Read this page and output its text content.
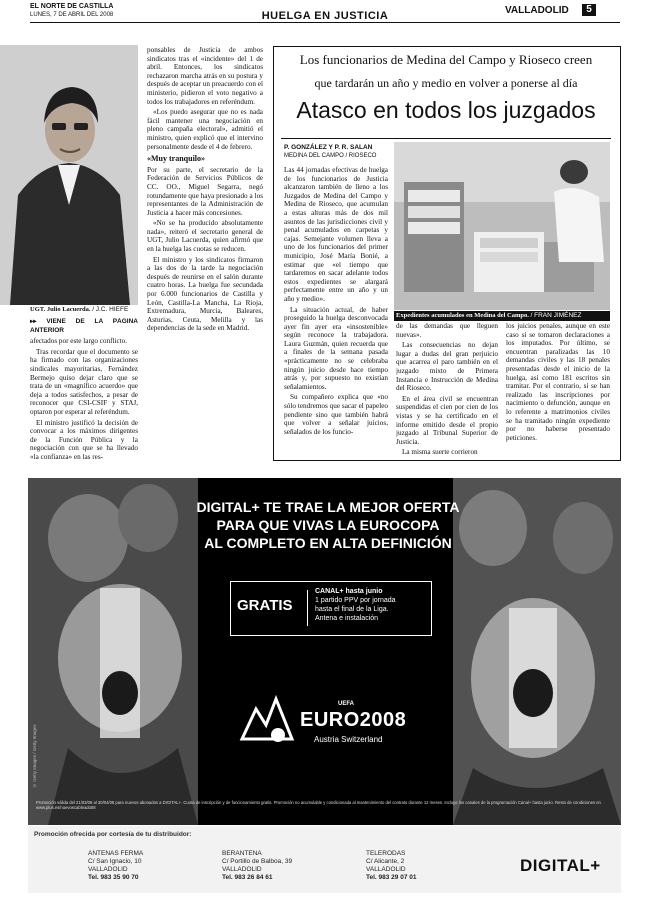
EL NORTE DE CASTILLA
LUNES, 7 DE ABRIL DEL 2008	HUELGA EN JUSTICIA	VALLADOLID	5
UGT. Julio Lacuerda. / J.C. HIEFE

▸▸ VIENE DE LA PÁGINA ANTERIOR

afectados por este largo conflicto.

Tras recordar que el documento se ha firmado con las organizaciones sindicales mayoritarias, Fernández Bermejo quiso dejar claro que se trata de un «magnífico acuerdo» que deja a todos satisfechos, a pesar de reconocer que CSI-CSIF y STAJ, optaron por esperar al referéndum.

El ministro justificó la decisión de convocar a los máximos dirigentes de la Función Pública y la negociación con que se ha llevado «la confianza» en las res-

ponsables de Justicia de ambos sindicatos tras el «incidente» del 1 de abril. Entonces, los sindicatos rechazaron marcha atrás en su postura y después de aceptar un preacuerdo con el ministerio, pidieron el voto negativo a todos los trabajadores en referéndum.

«Los puedo asegurar que no es nada fácil mantener una negociación en pleno campaña electoral», admitió el ministro, quien explicó que el intervino personalmente desde el 4 de febrero.

«Muy tranquilo»

Por su parte, el secretario de la Federación de Servicios Públicos de CC. OO., Miguel Segarra, negó rotundamente que haya presionado a los representantes de la Administración de Justicia a hacer más concesiones.

«No se ha producido absolutamente nada», reiteró el secretario general de UGT, Julio Lacuerda, quien afirmó que en la huelga las cuotas se reducen.

El ministro y los sindicatos firmaron a las dos de la tarde la negociación después de reunirse en el salón durante cuatro horas. La huelga fue secundada por 6.000 funcionarios de Castilla y León, Castilla-La Mancha, La Rioja, Extremadura, Murcia, Baleares, Asturias, Ceuta, Melilla y las dependencias de la sede en Madrid.

Los funcionarios de Medina del Campo y Rioseco creen
que tardarán un año y medio en volver a ponerse al día
Atasco en todos los juzgados
P. GONZÁLEZ Y P. R. SALAN
MEDINA DEL CAMPO / RIOSECO
Expedientes acumulados en Medina del Campo. / FRAN JIMÉNEZ

Las 44 jornadas efectivas de huelga de los funcionarios de Justicia alcanzaron también de lleno a los Juzgados de Medina del Campo y Medina de Rioseco, que acumulan a estas alturas más de dos mil asuntos de las jurisdicciones civil y penal acumulados en carpetas y cajas. Semejante volumen lleva a uno de los funcionarios del primer municipio, José María Bonié, a estimar que «el tiempo que tardaremos en sacar adelante todos estos expedientes se alargará perfectamente entre un año y un año y medio».

La situación actual, de haber proseguido la huelga desconvocada ayer fin ayer era «insostenible» según reconoce la trabajadora. Laura Guzmán, quien recuerda que a finales de la semana pasada «prácticamente no se celebraba ningún juicio desde hace tiempo atrás y, por supuesto no existían señalamientos.

Su compañero explica que «no sólo tendremos que sacar el papeleo pendiente sino que también habrá que volver a señalar juicios, señalados de los funcio-

de las demandas que lleguen nuevas».

Las consecuencias no dejan lugar a dudas del gran perjuicio que acarrea el paro también en el juzgado mixto de Primera Instancia e Instrucción de Medina del Rioseco.

En el área civil se encuentran suspendidas el cien por cien de los vistas y se ha certificado en el informe emitido desde el propio juzgado al Tribunal Superior de Justicia.

La misma suerte corrieron

los juicios penales, aunque en este caso sí se tomaron declaraciones a los imputados. Por último, se encuentran paralizadas las 10 demandas civiles y las 18 penales presentadas desde el inicio de la huelga, así como 181 escritos sin tramitar. Por el contrario, sí se han realizado las inscripciones por nacimiento o defunción, aunque en lo referente a matrimonios civiles se ha tramitado ningún expediente por no haberse presentado peticiones.

DIGITAL+ TE TRAE LA MEJOR OFERTA
PARA QUE VIVAS LA EUROCOPA
AL COMPLETO EN ALTA DEFINICIÓN
GRATIS
CANAL+ hasta junio
1 partido PPV por jornada
hasta el final de la Liga.
Antena e instalación
UEFA
EURO2008
Austria Switzerland
© Getty Images / Getty Images
Promoción válida del 21/03/08 al 30/04/08 para nuevos abonados a DIGITAL+. Cuota de inscripción y de funcionamiento gratis. Promoción no acumulable y condicionada al mantenimiento del contrato durante 12 meses. Incluye los canales de la programación Canal+ hasta junio. Resto de condiciones en www.plus.es/nuevoscableado08
Promoción ofrecida por cortesía de tu distribuidor:
ANTENAS FERMA
C/ San Ignacio, 10
VALLADOLID
Tel. 983 35 90 70
BERANTENA
C/ Portillo de Balboa, 39
VALLADOLID
Tel. 983 26 84 61
TELERODAS
C/ Alicante, 2
VALLADOLID
Tel. 983 29 07 01
DIGITAL+
